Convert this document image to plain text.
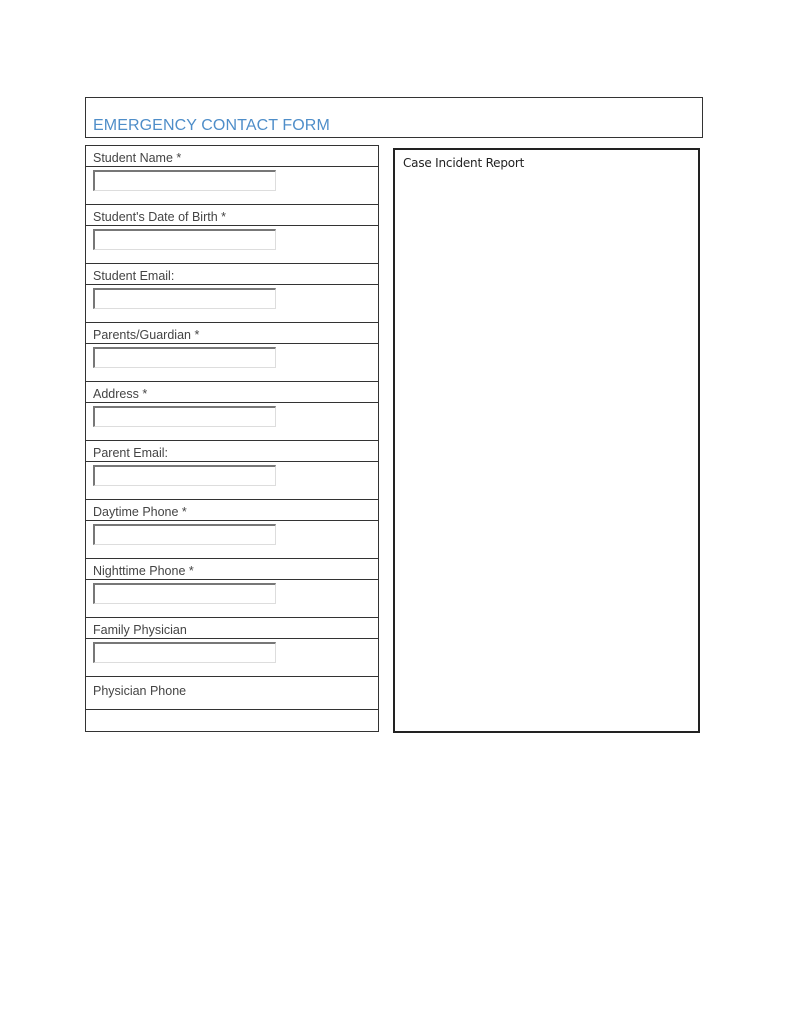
EMERGENCY CONTACT FORM
Student Name *
Student's Date of Birth *
Student Email:
Parents/Guardian *
Address *
Parent Email:
Daytime Phone *
Nighttime Phone *
Family Physician
Physician Phone
Case Incident Report
